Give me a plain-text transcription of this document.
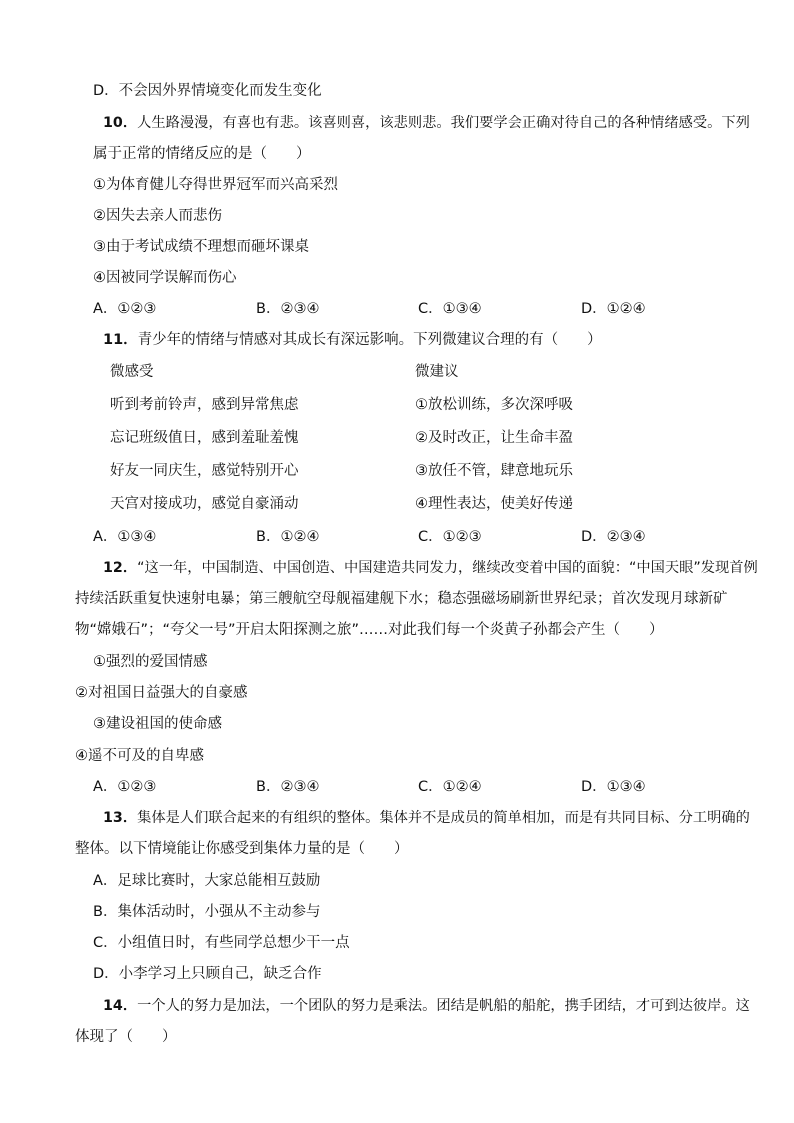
D．不会因外界情境变化而发生变化
10．人生路漫漫，有喜也有悲。该喜则喜，该悲则悲。我们要学会正确对待自己的各种情绪感受。下列
属于正常的情绪反应的是（　　）
①为体育健儿夺得世界冠军而兴高采烈
②因失去亲人而悲伤
③由于考试成绩不理想而砸坏课桌
④因被同学误解而伤心
A．①②③	B．②③④	C．①③④	D．①②④
11．青少年的情绪与情感对其成长有深远影响。下列微建议合理的有（　　）
微感受	微建议
听到考前铃声，感到异常焦虑	①放松训练，多次深呼吸
忘记班级值日，感到羞耻羞愧	②及时改正，让生命丰盈
好友一同庆生，感觉特别开心	③放任不管，肆意地玩乐
天宫对接成功，感觉自豪涌动	④理性表达，使美好传递
A．①③④	B．①②④	C．①②③	D．②③④
12．“这一年，中国制造、中国创造、中国建造共同发力，继续改变着中国的面貌：“中国天眼”发现首例
持续活跃重复快速射电暴；第三艘航空母舰福建舰下水；稳态强磁场刷新世界纪录；首次发现月球新矿
物“嫦娥石”；“夸父一号”开启太阳探测之旅”……对此我们每一个炎黄子孙都会产生（　　）
①强烈的爱国情感
②对祖国日益强大的自豪感
③建设祖国的使命感
④遥不可及的自卑感
A．①②③	B．②③④	C．①②④	D．①③④
13．集体是人们联合起来的有组织的整体。集体并不是成员的简单相加，而是有共同目标、分工明确的
整体。以下情境能让你感受到集体力量的是（　　）
A．足球比赛时，大家总能相互鼓励
B．集体活动时，小强从不主动参与
C．小组值日时，有些同学总想少干一点
D．小李学习上只顾自己，缺乏合作
14．一个人的努力是加法，一个团队的努力是乘法。团结是帆船的船舵，携手团结，才可到达彼岸。这
体现了（　　）
